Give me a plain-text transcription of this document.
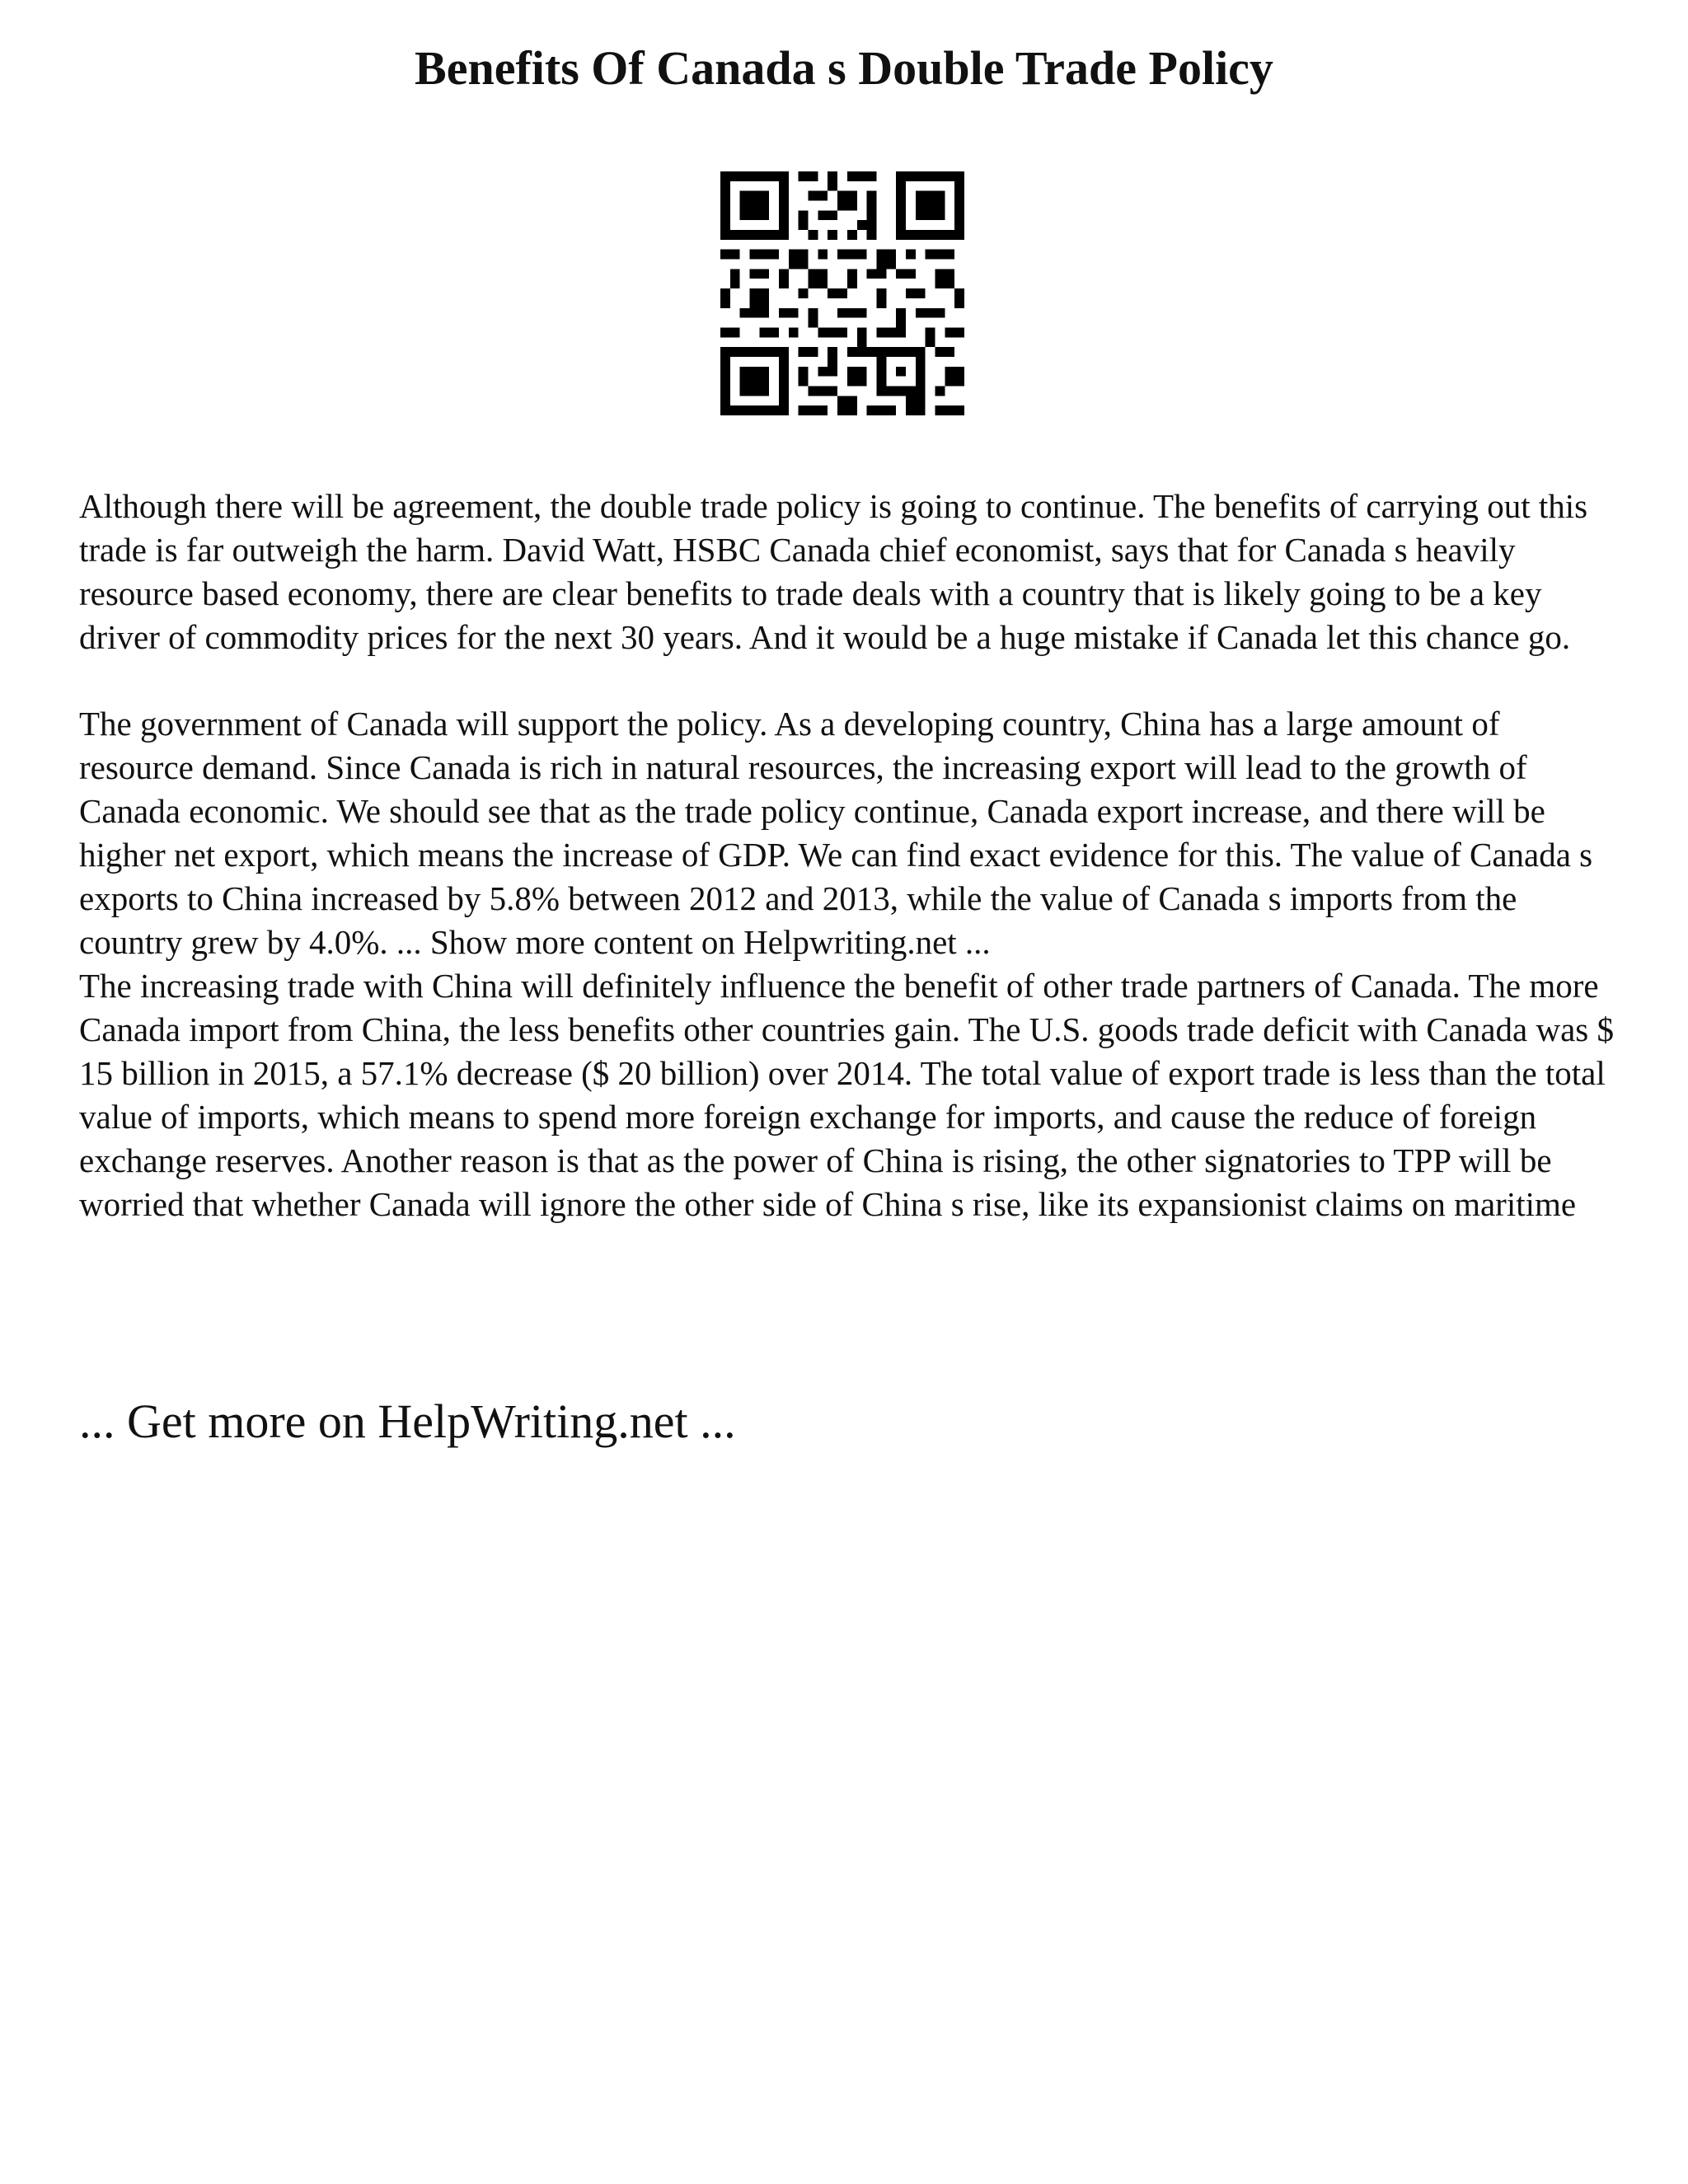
Benefits Of Canada s Double Trade Policy

Although there will be agreement, the double trade policy is going to continue. The benefits of carrying out this trade is far outweigh the harm. David Watt, HSBC Canada chief economist, says that for Canada s heavily resource based economy, there are clear benefits to trade deals with a country that is likely going to be a key driver of commodity prices for the next 30 years. And it would be a huge mistake if Canada let this chance go.

The government of Canada will support the policy. As a developing country, China has a large amount of resource demand. Since Canada is rich in natural resources, the increasing export will lead to the growth of Canada economic. We should see that as the trade policy continue, Canada export increase, and there will be higher net export, which means the increase of GDP. We can find exact evidence for this. The value of Canada s exports to China increased by 5.8% between 2012 and 2013, while the value of Canada s imports from the country grew by 4.0%. ... Show more content on Helpwriting.net ...

The increasing trade with China will definitely influence the benefit of other trade partners of Canada. The more Canada import from China, the less benefits other countries gain. The U.S. goods trade deficit with Canada was $ 15 billion in 2015, a 57.1% decrease ($ 20 billion) over 2014. The total value of export trade is less than the total value of imports, which means to spend more foreign exchange for imports, and cause the reduce of foreign exchange reserves. Another reason is that as the power of China is rising, the other signatories to TPP will be worried that whether Canada will ignore the other side of China s rise, like its expansionist claims on maritime

... Get more on HelpWriting.net ...
